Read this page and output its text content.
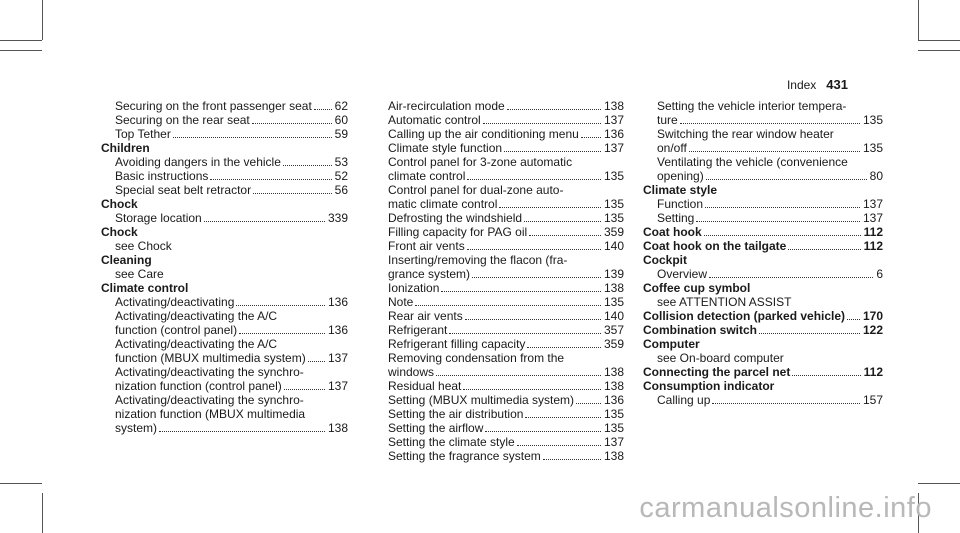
Index 431
Securing on the front passenger seat 62
Securing on the rear seat	60
Top Tether	59
Children
Avoiding dangers in the vehicle	53
Basic instructions	52
Special seat belt retractor	56
Chock
Storage location	339
Chock
see Chock
Cleaning
see Care
Climate control
Activating/deactivating	136
Activating/deactivating the A/C
function (control panel)	136
Activating/deactivating the A/C
function (MBUX multimedia system) 137
Activating/deactivating the synchro-
nization function (control panel)	137
Activating/deactivating the synchro-
nization function (MBUX multimedia
system)	138
Air-recirculation mode	138
Automatic control	137
Calling up the air conditioning menu 136
Climate style function	137
Control panel for 3-zone automatic
climate control	135
Control panel for dual-zone auto-
matic climate control	135
Defrosting the windshield	135
Filling capacity for PAG oil	359
Front air vents	140
Inserting/removing the flacon (fra-
grance system)	139
Ionization	138
Note	135
Rear air vents	140
Refrigerant	357
Refrigerant filling capacity	359
Removing condensation from the
windows	138
Residual heat	138
Setting (MBUX multimedia system) 136
Setting the air distribution	135
Setting the airflow	135
Setting the climate style	137
Setting the fragrance system	138
Setting the vehicle interior tempera-
ture	135
Switching the rear window heater
on/off	135
Ventilating the vehicle (convenience
opening)	80
Climate style
Function	137
Setting	137
Coat hook	112
Coat hook on the tailgate	112
Cockpit
Overview	6
Coffee cup symbol
see ATTENTION ASSIST
Collision detection (parked vehicle) 170
Combination switch	122
Computer
see On-board computer
Connecting the parcel net	112
Consumption indicator
Calling up	157
carmanualsonline.info
